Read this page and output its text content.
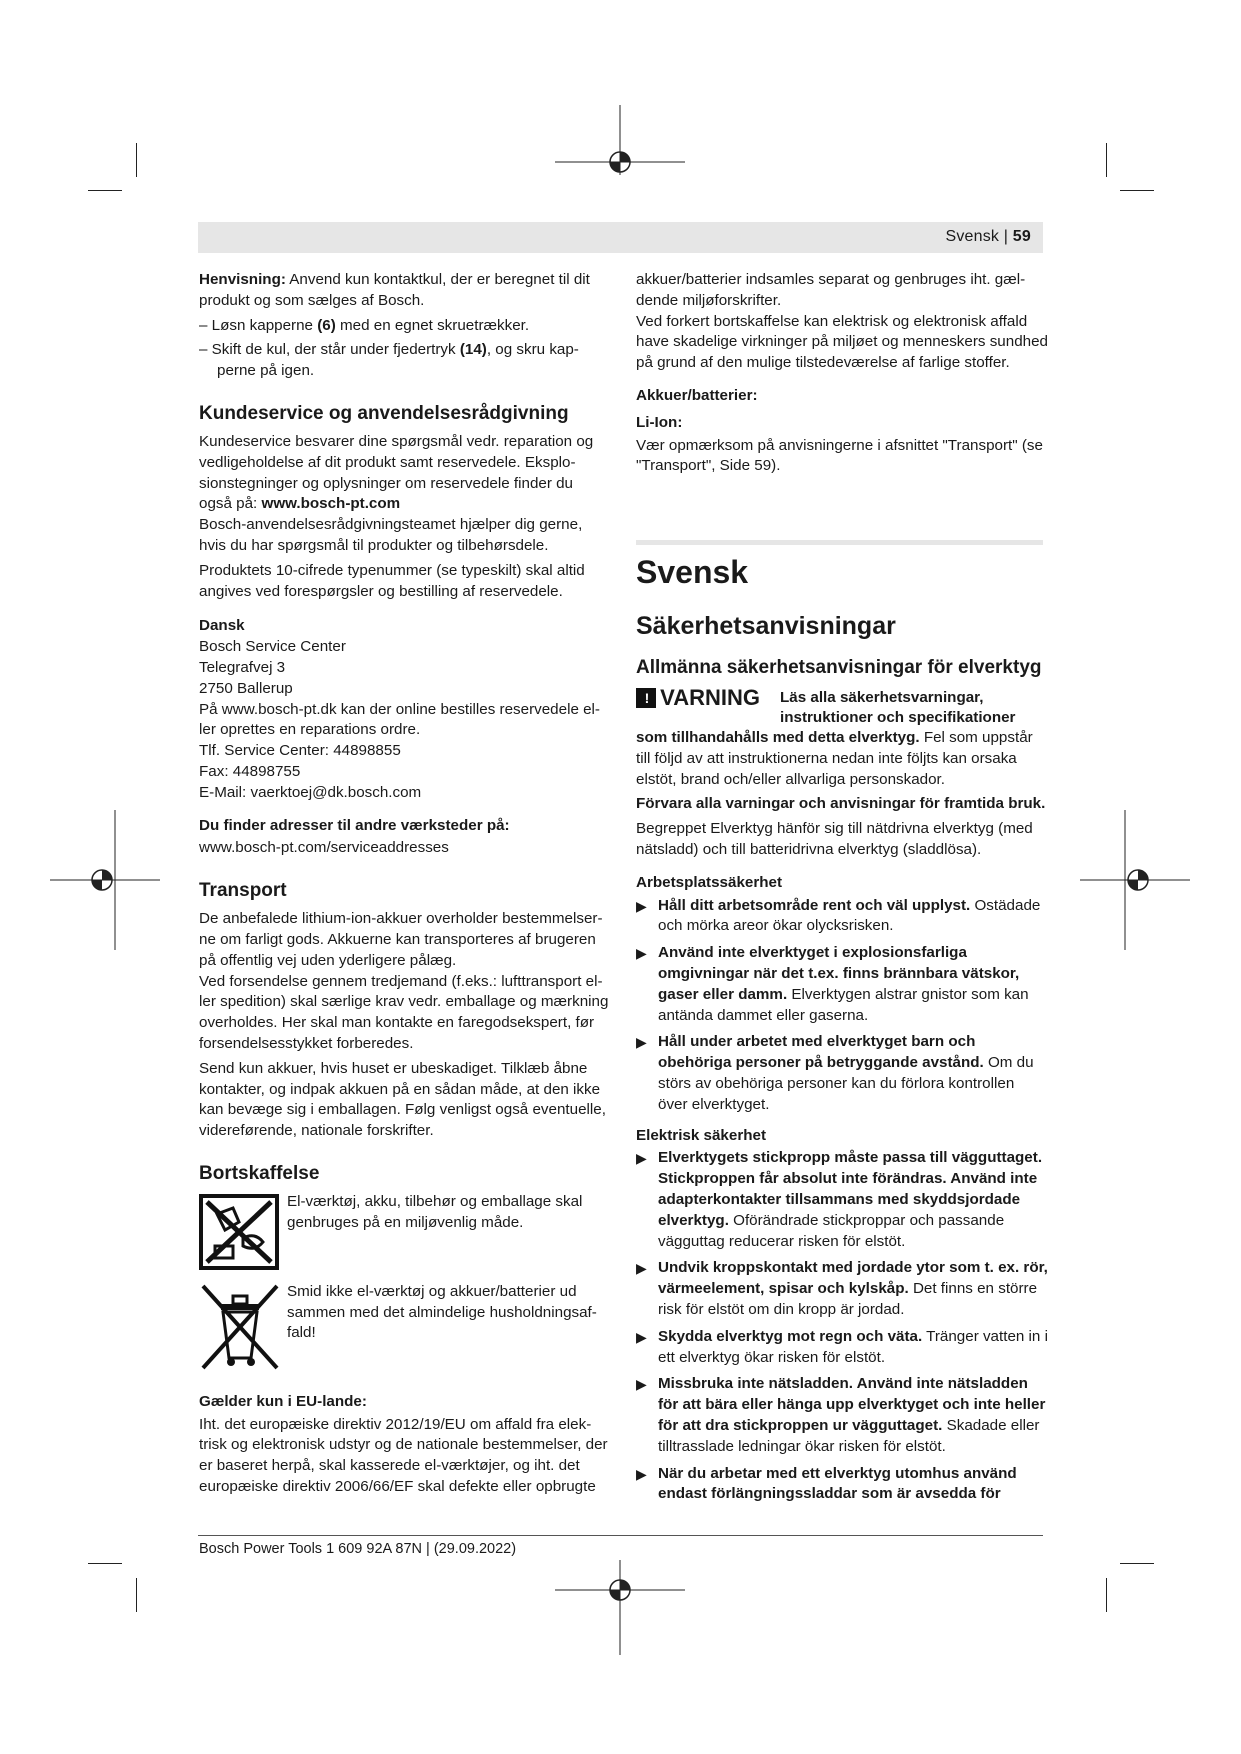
Svensk | 59

Henvisning: Anvend kun kontaktkul, der er beregnet til dit produkt og som sælges af Bosch.

– Løsn kapperne (6) med en egnet skruetrækker.

– Skift de kul, der står under fjedertryk (14), og skru kap-perne på igen.

Kundeservice og anvendelsesrådgivning

Kundeservice besvarer dine spørgsmål vedr. reparation og vedligeholdelse af dit produkt samt reservedele. Eksplo-sionstegninger og oplysninger om reservedele finder du også på: www.bosch-pt.com

Bosch-anvendelsesrådgivningsteamet hjælper dig gerne, hvis du har spørgsmål til produkter og tilbehørsdele.

Produktets 10-cifrede typenummer (se typeskilt) skal altid angives ved forespørgsler og bestilling af reservedele.

Dansk
Bosch Service Center
Telegrafvej 3
2750 Ballerup
På www.bosch-pt.dk kan der online bestilles reservedele el-ler oprettes en reparations ordre.
Tlf. Service Center: 44898855
Fax: 44898755
E-Mail: vaerktoej@dk.bosch.com
Du finder adresser til andre værksteder på:

www.bosch-pt.com/serviceaddresses

Transport

De anbefalede lithium-ion-akkuer overholder bestemmelser-ne om farligt gods. Akkuerne kan transporteres af brugeren på offentlig vej uden yderligere pålæg.

Ved forsendelse gennem tredjemand (f.eks.: lufttransport el-ler spedition) skal særlige krav vedr. emballage og mærkning overholdes. Her skal man kontakte en faregodsekspert, før forsendelsesstykket forberedes.

Send kun akkuer, hvis huset er ubeskadiget. Tilklæb åbne kontakter, og indpak akkuen på en sådan måde, at den ikke kan bevæge sig i emballagen. Følg venligst også eventuelle, videreførende, nationale forskrifter.

Bortskaffelse

El-værktøj, akku, tilbehør og emballage skal genbruges på en miljøvenlig måde.

Smid ikke el-værktøj og akkuer/batterier ud sammen med det almindelige husholdningsaf-fald!

Gælder kun i EU-lande:

Iht. det europæiske direktiv 2012/19/EU om affald fra elek-trisk og elektronisk udstyr og de nationale bestemmelser, der er baseret herpå, skal kasserede el-værktøjer, og iht. det europæiske direktiv 2006/66/EF skal defekte eller opbrugte

akkuer/batterier indsamles separat og genbruges iht. gæl-dende miljøforskrifter.

Ved forkert bortskaffelse kan elektrisk og elektronisk affald have skadelige virkninger på miljøet og menneskers sundhed på grund af den mulige tilstedeværelse af farlige stoffer.

Akkuer/batterier:
Li-Ion:

Vær opmærksom på anvisningerne i afsnittet "Transport" (se "Transport", Side 59).

Svensk
Säkerhetsanvisningar
Allmänna säkerhetsanvisningar för elverktyg
! VARNING Läs alla säkerhetsvarningar, instruktioner och specifikationer

som tillhandahålls med detta elverktyg. Fel som uppstår till följd av att instruktionerna nedan inte följts kan orsaka elstöt, brand och/eller allvarliga personskador.

Förvara alla varningar och anvisningar för framtida bruk.

Begreppet Elverktyg hänför sig till nätdrivna elverktyg (med nätsladd) och till batteridrivna elverktyg (sladdlösa).

Arbetsplatssäkerhet
▶ Håll ditt arbetsområde rent och väl upplyst. Ostädade och mörka areor ökar olycksrisken.
▶ Använd inte elverktyget i explosionsfarliga omgivningar när det t.ex. finns brännbara vätskor, gaser eller damm. Elverktygen alstrar gnistor som kan antända dammet eller gaserna.
▶ Håll under arbetet med elverktyget barn och obehöriga personer på betryggande avstånd. Om du störs av obehöriga personer kan du förlora kontrollen över elverktyget.
Elektrisk säkerhet
▶ Elverktygets stickpropp måste passa till vägguttaget. Stickproppen får absolut inte förändras. Använd inte adapterkontakter tillsammans med skyddsjordade elverktyg. Oförändrade stickproppar och passande vägguttag reducerar risken för elstöt.
▶ Undvik kroppskontakt med jordade ytor som t. ex. rör, värmeelement, spisar och kylskåp. Det finns en större risk för elstöt om din kropp är jordad.
▶ Skydda elverktyg mot regn och väta. Tränger vatten in i ett elverktyg ökar risken för elstöt.
▶ Missbruka inte nätsladden. Använd inte nätsladden för att bära eller hänga upp elverktyget och inte heller för att dra stickproppen ur vägguttaget. Skadade eller tilltrasslade ledningar ökar risken för elstöt.
▶ När du arbetar med ett elverktyg utomhus använd endast förlängningssladdar som är avsedda för
Bosch Power Tools 1 609 92A 87N | (29.09.2022)
